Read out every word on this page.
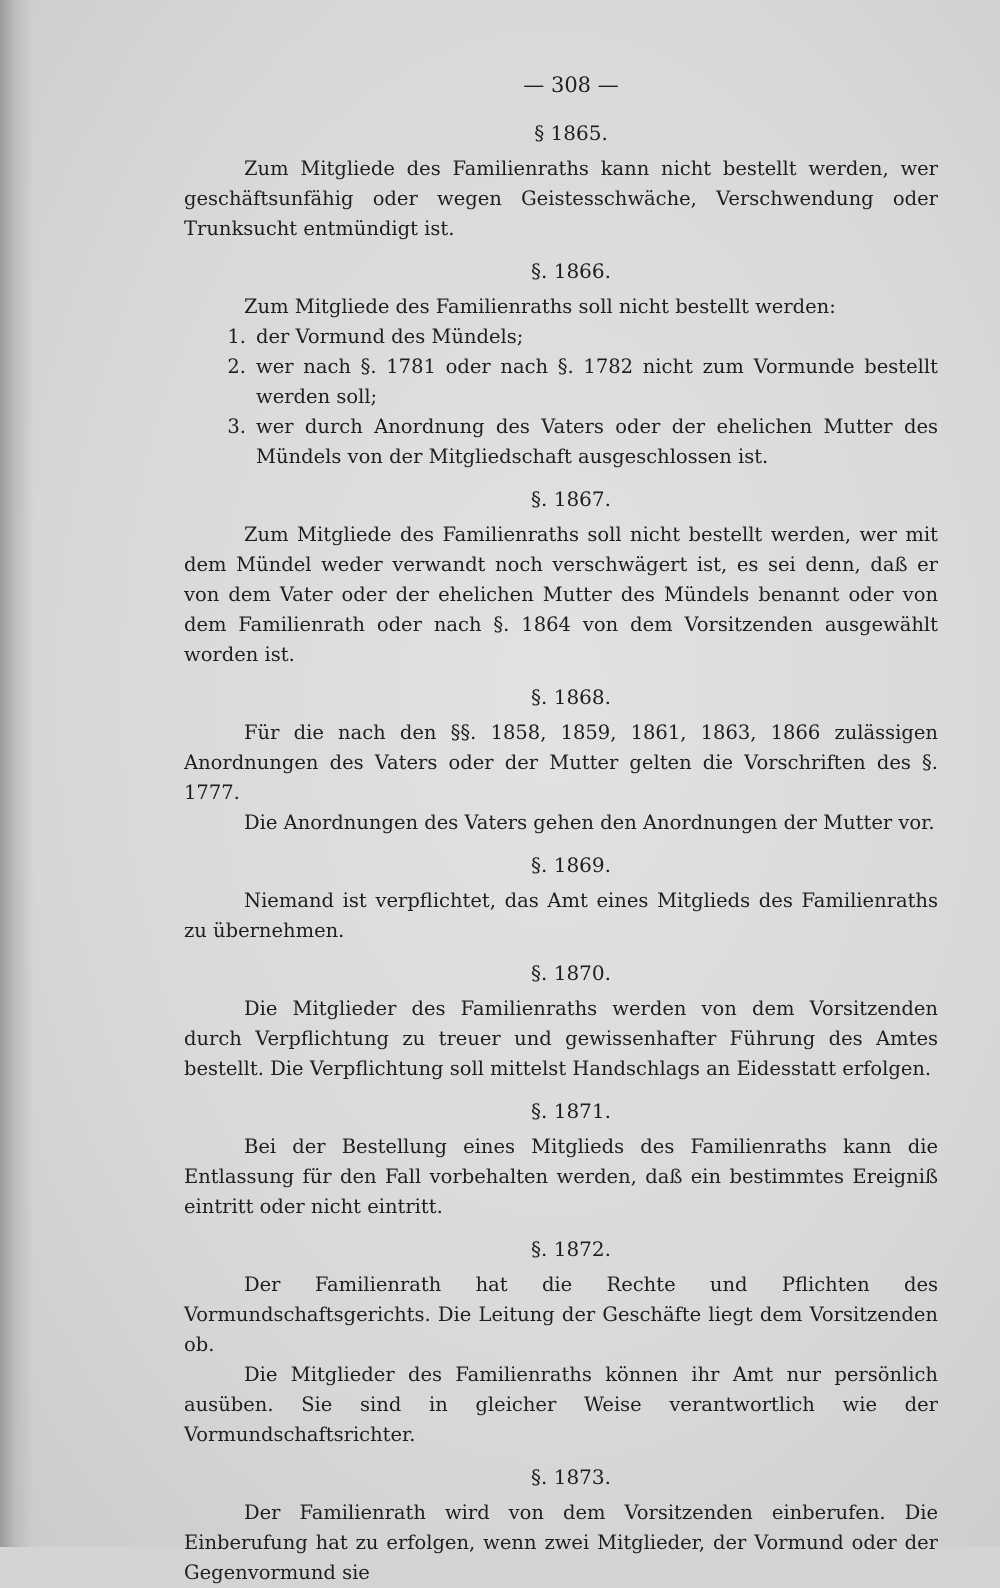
— 308 —
§ 1865.

Zum Mitgliede des Familienraths kann nicht bestellt werden, wer geschäftsunfähig oder wegen Geistesschwäche, Verschwendung oder Trunksucht entmündigt ist.

§. 1866.

Zum Mitgliede des Familienraths soll nicht bestellt werden:

1. der Vormund des Mündels;
2. wer nach §. 1781 oder nach §. 1782 nicht zum Vormunde bestellt werden soll;
3. wer durch Anordnung des Vaters oder der ehelichen Mutter des Mündels von der Mitgliedschaft ausgeschlossen ist.
§. 1867.

Zum Mitgliede des Familienraths soll nicht bestellt werden, wer mit dem Mündel weder verwandt noch verschwägert ist, es sei denn, daß er von dem Vater oder der ehelichen Mutter des Mündels benannt oder von dem Familienrath oder nach §. 1864 von dem Vorsitzenden ausgewählt worden ist.

§. 1868.

Für die nach den §§. 1858, 1859, 1861, 1863, 1866 zulässigen Anordnungen des Vaters oder der Mutter gelten die Vorschriften des §. 1777.

Die Anordnungen des Vaters gehen den Anordnungen der Mutter vor.

§. 1869.

Niemand ist verpflichtet, das Amt eines Mitglieds des Familienraths zu übernehmen.

§. 1870.

Die Mitglieder des Familienraths werden von dem Vorsitzenden durch Verpflichtung zu treuer und gewissenhafter Führung des Amtes bestellt. Die Verpflichtung soll mittelst Handschlags an Eidesstatt erfolgen.

§. 1871.

Bei der Bestellung eines Mitglieds des Familienraths kann die Entlassung für den Fall vorbehalten werden, daß ein bestimmtes Ereigniß eintritt oder nicht eintritt.

§. 1872.

Der Familienrath hat die Rechte und Pflichten des Vormundschaftsgerichts. Die Leitung der Geschäfte liegt dem Vorsitzenden ob.

Die Mitglieder des Familienraths können ihr Amt nur persönlich ausüben. Sie sind in gleicher Weise verantwortlich wie der Vormundschaftsrichter.

§. 1873.

Der Familienrath wird von dem Vorsitzenden einberufen. Die Einberufung hat zu erfolgen, wenn zwei Mitglieder, der Vormund oder der Gegenvormund sie
